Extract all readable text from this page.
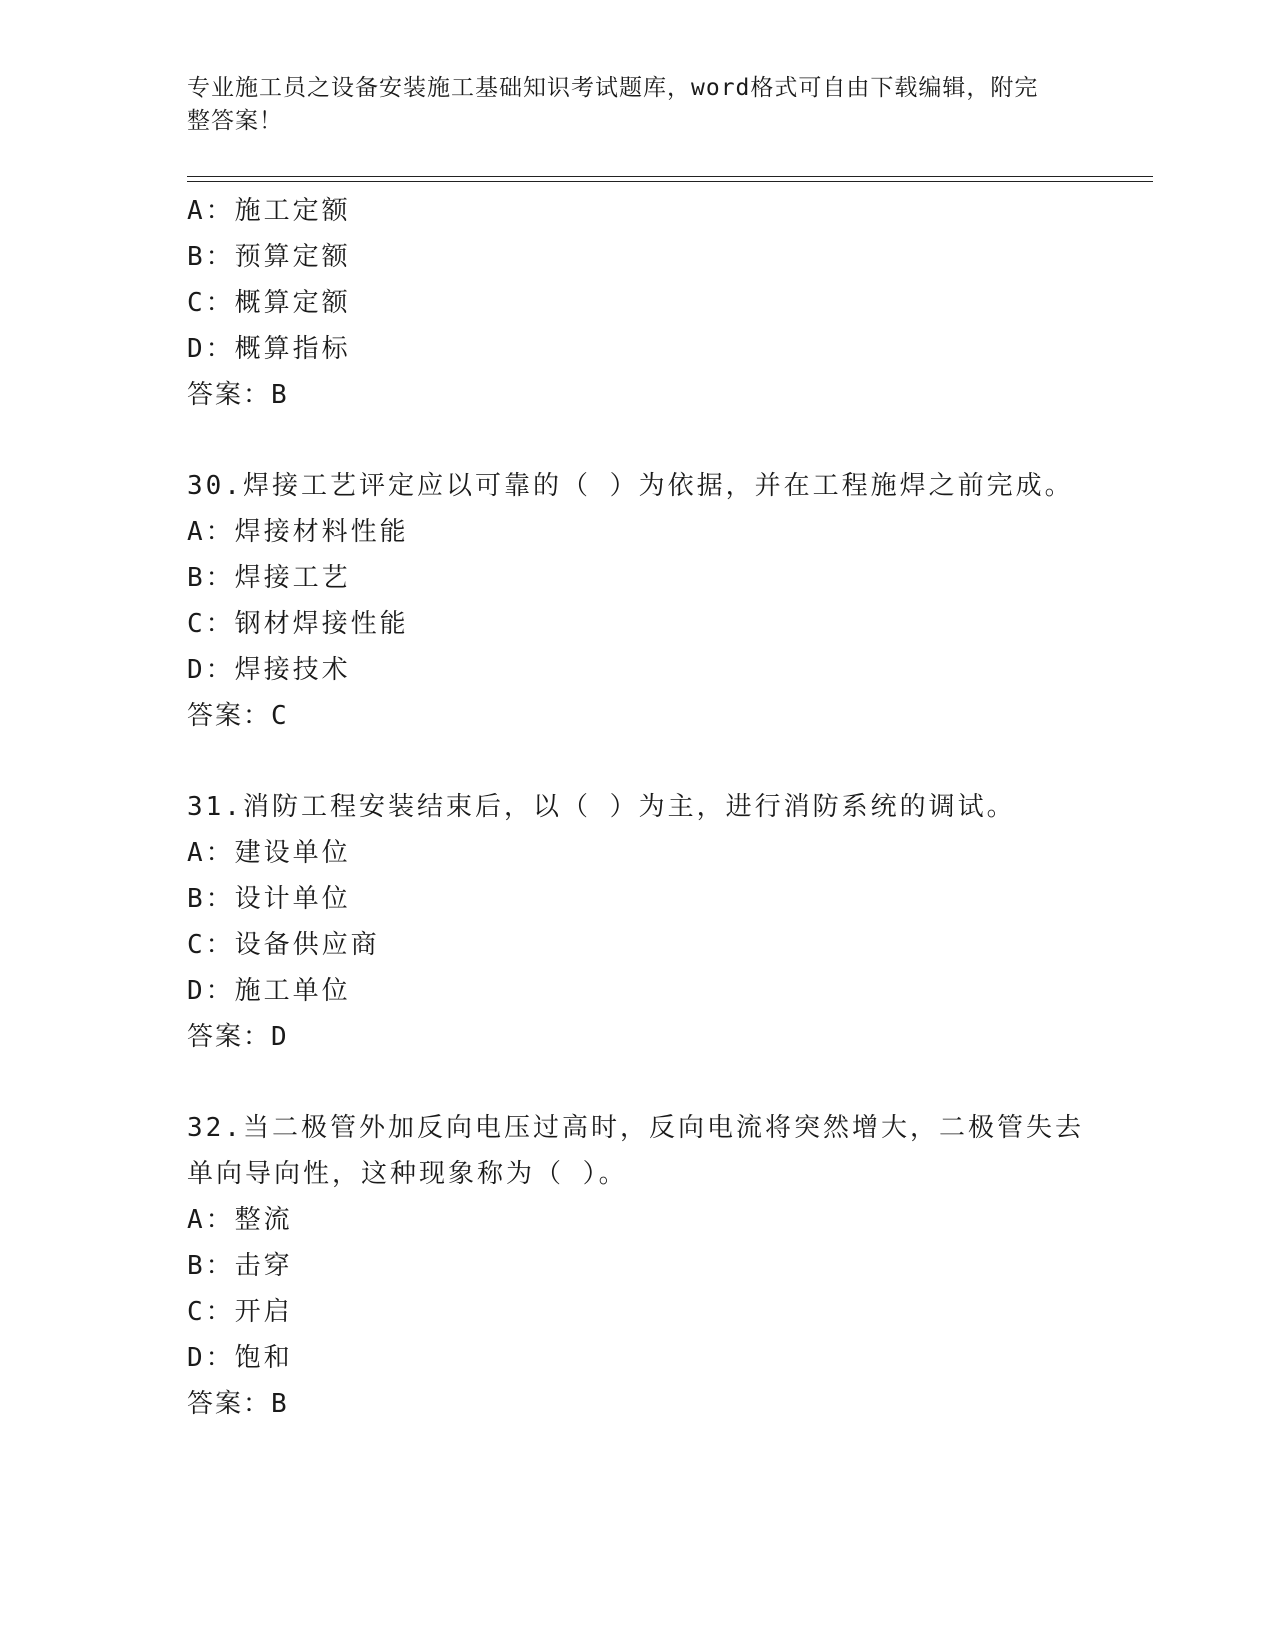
专业施工员之设备安装施工基础知识考试题库，word格式可自由下载编辑，附完
整答案！
A：施工定额
B：预算定额
C：概算定额
D：概算指标
答案：B
30.焊接工艺评定应以可靠的（ ）为依据，并在工程施焊之前完成。
A：焊接材料性能
B：焊接工艺
C：钢材焊接性能
D：焊接技术
答案：C
31.消防工程安装结束后，以（ ）为主，进行消防系统的调试。
A：建设单位
B：设计单位
C：设备供应商
D：施工单位
答案：D
32.当二极管外加反向电压过高时，反向电流将突然增大，二极管失去
单向导向性，这种现象称为（ ）。
A：整流
B：击穿
C：开启
D：饱和
答案：B
